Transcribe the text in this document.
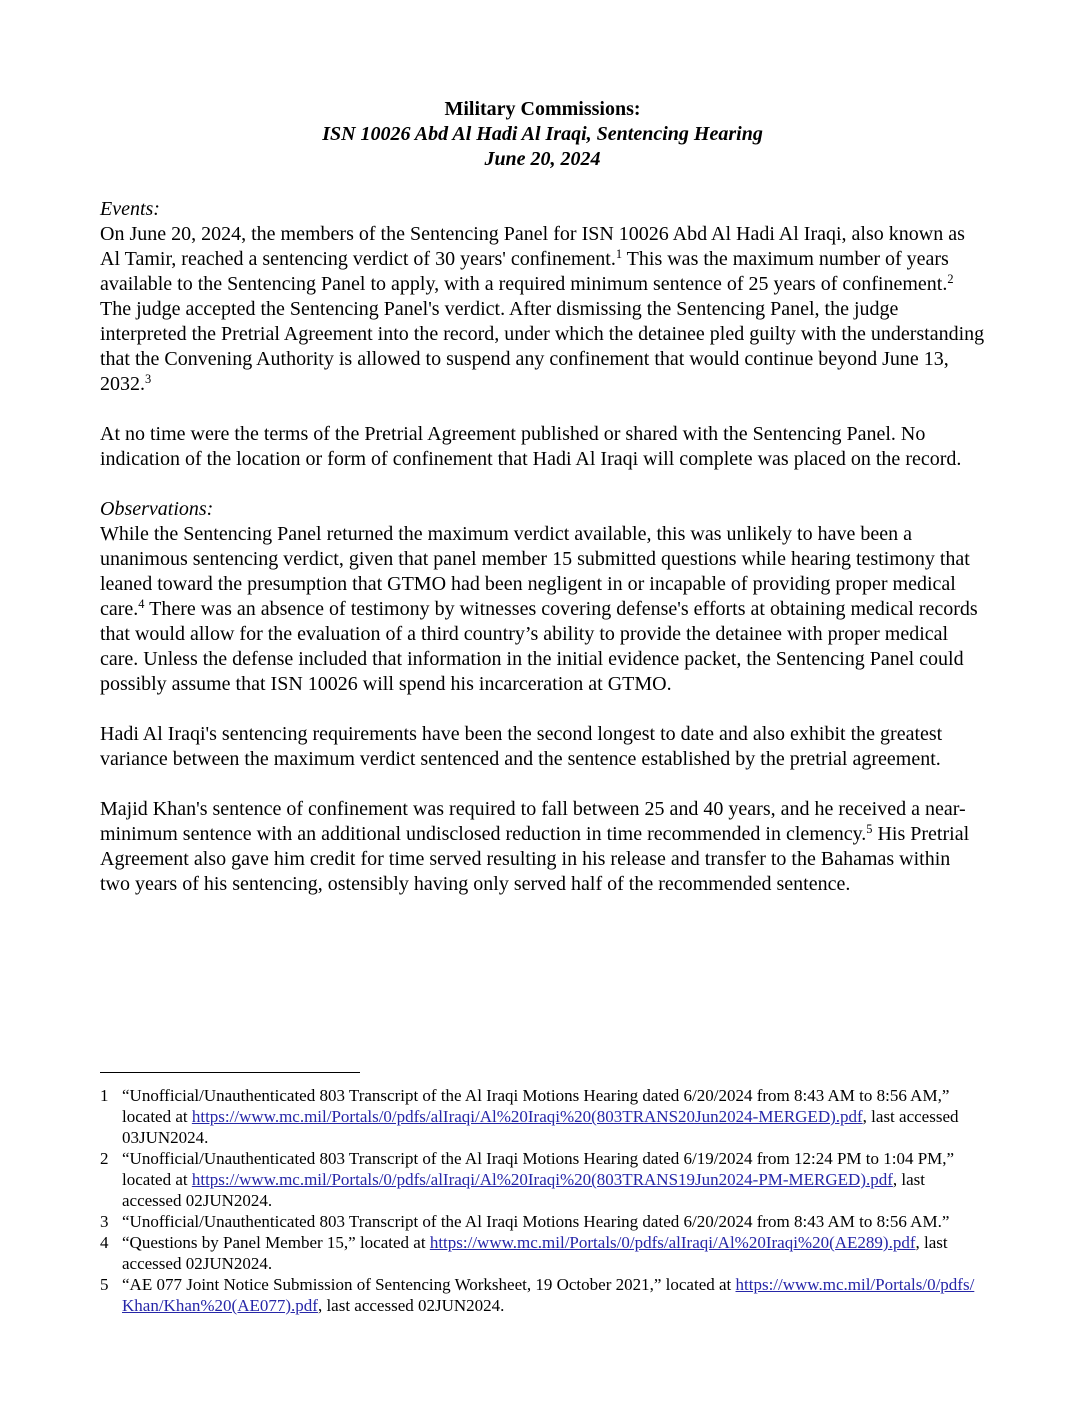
Military Commissions:
ISN 10026 Abd Al Hadi Al Iraqi, Sentencing Hearing
June 20, 2024
Events:

On June 20, 2024, the members of the Sentencing Panel for ISN 10026 Abd Al Hadi Al Iraqi, also known as Al Tamir, reached a sentencing verdict of 30 years' confinement.$^1$ This was the maximum number of years available to the Sentencing Panel to apply, with a required minimum sentence of 25 years of confinement.$^2$ The judge accepted the Sentencing Panel's verdict. After dismissing the Sentencing Panel, the judge interpreted the Pretrial Agreement into the record, under which the detainee pled guilty with the understanding that the Convening Authority is allowed to suspend any confinement that would continue beyond June 13, 2032.$^3$

At no time were the terms of the Pretrial Agreement published or shared with the Sentencing Panel. No indication of the location or form of confinement that Hadi Al Iraqi will complete was placed on the record.

Observations:

While the Sentencing Panel returned the maximum verdict available, this was unlikely to have been a unanimous sentencing verdict, given that panel member 15 submitted questions while hearing testimony that leaned toward the presumption that GTMO had been negligent in or incapable of providing proper medical care.$^4$ There was an absence of testimony by witnesses covering defense's efforts at obtaining medical records that would allow for the evaluation of a third country’s ability to provide the detainee with proper medical care. Unless the defense included that information in the initial evidence packet, the Sentencing Panel could possibly assume that ISN 10026 will spend his incarceration at GTMO.

Hadi Al Iraqi's sentencing requirements have been the second longest to date and also exhibit the greatest variance between the maximum verdict sentenced and the sentence established by the pretrial agreement.

Majid Khan's sentence of confinement was required to fall between 25 and 40 years, and he received a near-minimum sentence with an additional undisclosed reduction in time recommended in clemency.$^5$ His Pretrial Agreement also gave him credit for time served resulting in his release and transfer to the Bahamas within two years of his sentencing, ostensibly having only served half of the recommended sentence.

1 “Unofficial/Unauthenticated 803 Transcript of the Al Iraqi Motions Hearing dated 6/20/2024 from 8:43 AM to 8:56 AM,” located at https://www.mc.mil/Portals/0/pdfs/alIraqi/Al%20Iraqi%20(803TRANS20Jun2024-MERGED).pdf, last accessed 03JUN2024.
2 “Unofficial/Unauthenticated 803 Transcript of the Al Iraqi Motions Hearing dated 6/19/2024 from 12:24 PM to 1:04 PM,” located at https://www.mc.mil/Portals/0/pdfs/alIraqi/Al%20Iraqi%20(803TRANS19Jun2024-PM-MERGED).pdf, last accessed 02JUN2024.
3 “Unofficial/Unauthenticated 803 Transcript of the Al Iraqi Motions Hearing dated 6/20/2024 from 8:43 AM to 8:56 AM.”
4 “Questions by Panel Member 15,” located at https://www.mc.mil/Portals/0/pdfs/alIraqi/Al%20Iraqi%20(AE289).pdf, last accessed 02JUN2024.
5 “AE 077 Joint Notice Submission of Sentencing Worksheet, 19 October 2021,” located at https://www.mc.mil/Portals/0/pdfs/Khan/Khan%20(AE077).pdf, last accessed 02JUN2024.
